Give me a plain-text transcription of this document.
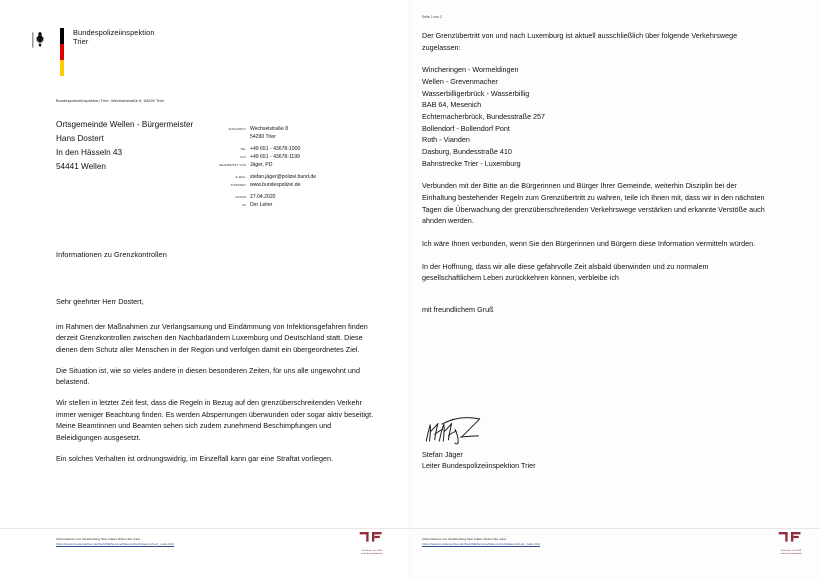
Bundespolizeiinspektion
Trier
Bundespolizeiinspektion Trier, Wechselstraße 8, 54290 Trier
Ortsgemeinde Wellen - Bürgermeister
Hans Dostert
In den Hässeln 43
54441 Wellen
ANSCHRIFT Wechselstraße 8
54290 Trier
TEL +49 651 - 43678-1000
FAX +49 651 - 43678-1199
BEARBEITET VON Jäger, PD
E-MAIL stefan.jäger@polizei.bund.de
INTERNET www.bundespolizei.de
DATUM 27.04.2020
AZ Der Leiter
Informationen zu Grenzkontrollen

Sehr geehrter Herr Dostert,

im Rahmen der Maßnahmen zur Verlangsamung und Eindämmung von Infektionsgefahren finden derzeit Grenzkontrollen zwischen den Nachbarländern Luxemburg und Deutschland statt. Diese dienen dem Schutz aller Menschen in der Region und verfolgen damit ein übergeordnetes Ziel.

Die Situation ist, wie so vieles andere in diesen besonderen Zeiten, für uns alle ungewohnt und belastend.

Wir stellen in letzter Zeit fest, dass die Regeln in Bezug auf den grenzüberschreitenden Verkehr immer weniger Beachtung finden. Es werden Absperrungen überwunden oder sogar aktiv beseitigt. Meine Beamtinnen und Beamten sehen sich zudem zunehmend Beschimpfungen und Beleidigungen ausgesetzt.

Ein solches Verhalten ist ordnungswidrig, im Einzelfall kann gar eine Straftat vorliegen.

Informationen zur Verarbeitung Ihrer Daten finden Sie unter
https://www.bundespolizei.de/Web/DE/Service/Datenschutz/datenschutz_node.html
Zertifiziert seit 2009
audit berufundfamilie
Seite 2 von 2

Der Grenzübertritt von und nach Luxemburg ist aktuell ausschließlich über folgende Verkehrswege zugelassen:

Wincheringen - Wormeldingen
Wellen - Grevenmacher
Wasserbilligerbrück - Wasserbillig
BAB 64, Mesenich
Echternacherbrück, Bundesstraße 257
Bollendorf - Bollendorf Pont
Roth - Vianden
Dasburg, Bundesstraße 410
Bahnstrecke Trier - Luxemburg

Verbunden mit der Bitte an die Bürgerinnen und Bürger Ihrer Gemeinde, weiterhin Disziplin bei der Einhaltung bestehender Regeln zum Grenzübertritt zu wahren, teile ich Ihnen mit, dass wir in den nächsten Tagen die Überwachung der grenzüberschreitenden Verkehrswege verstärken und erkannte Verstöße auch ahnden werden.

Ich wäre Ihnen verbunden, wenn Sie den Bürgerinnen und Bürgern diese Information vermitteln würden.

In der Hoffnung, dass wir alle diese gefahrvolle Zeit alsbald überwinden und zu normalem gesellschaftlichem Leben zurückkehren können, verbleibe ich

mit freundlichem Gruß

Stefan Jäger
Leiter Bundespolizeiinspektion Trier
Informationen zur Verarbeitung Ihrer Daten finden Sie unter
https://www.bundespolizei.de/Web/DE/Service/Datenschutz/datenschutz_node.html
Zertifiziert seit 2009
audit berufundfamilie
